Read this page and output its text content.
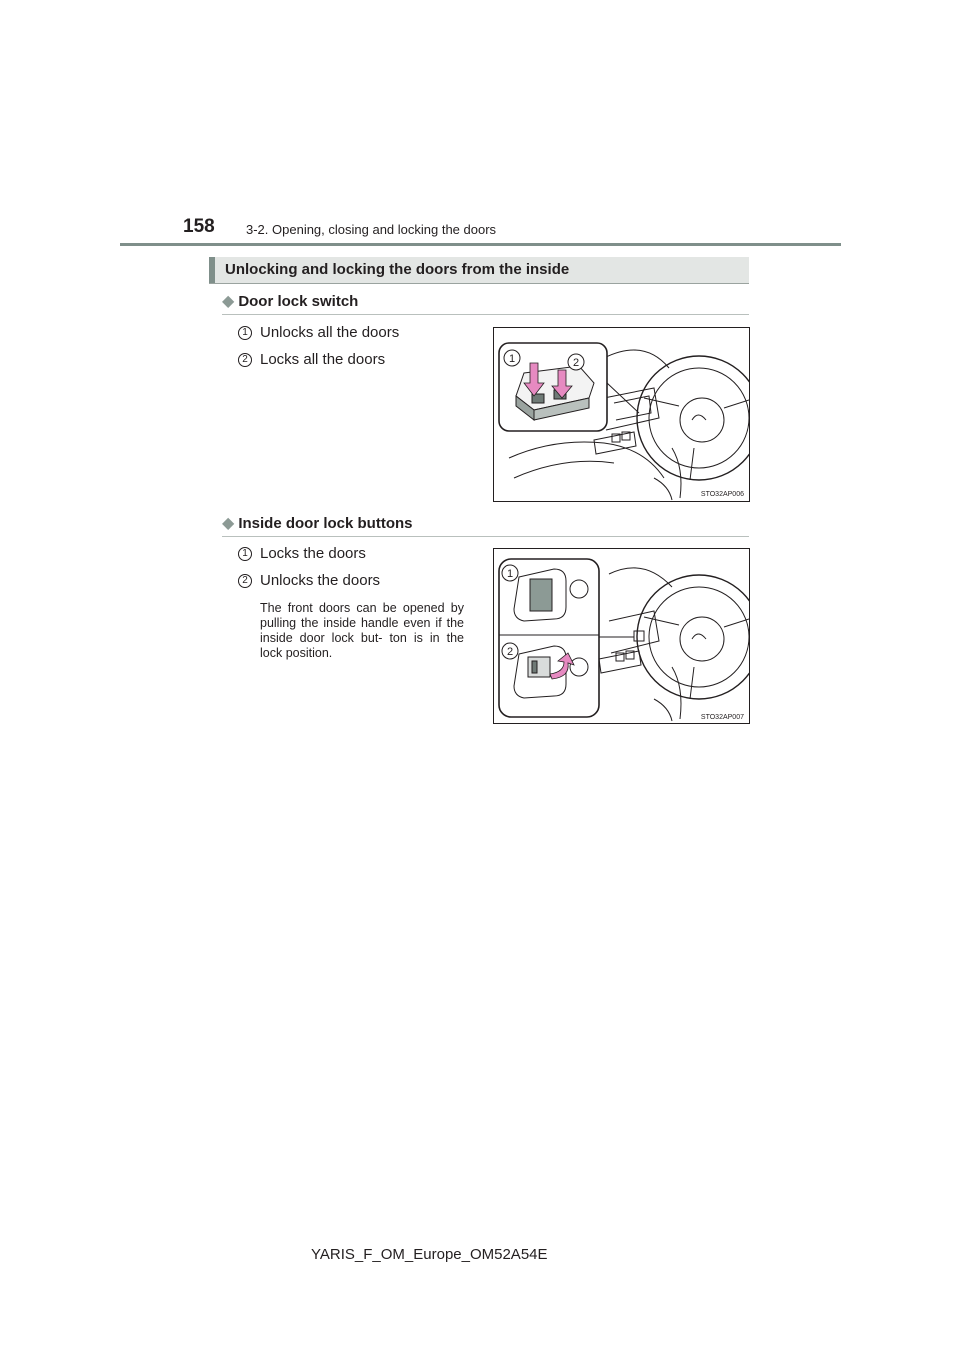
158 3-2. Opening, closing and locking the doors
Unlocking and locking the doors from the inside
◆ Door lock switch
1 Unlocks all the doors
2 Locks all the doors	1	2
STO32AP006
◆ Inside door lock buttons
1 Locks the doors
2 Unlocks the doors
The front doors can be opened by pulling the inside handle even if the inside door lock but- ton is in the lock position.
1
2
STO32AP007
YARIS_F_OM_Europe_OM52A54E
